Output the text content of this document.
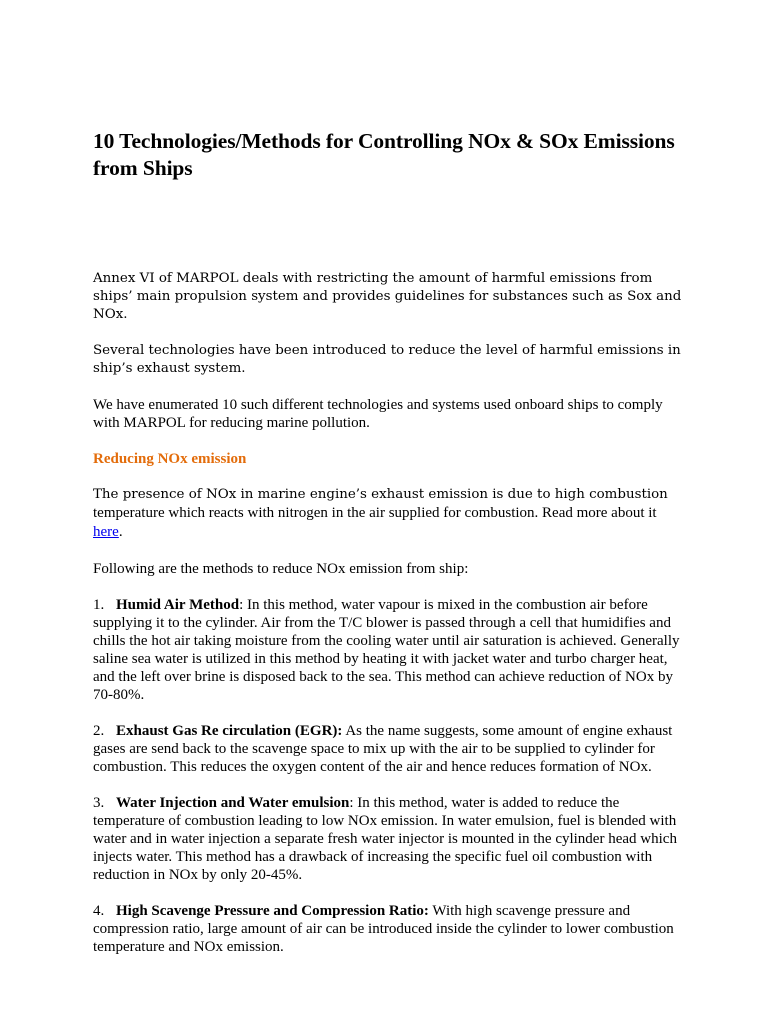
10 Technologies/Methods for Controlling NOx & SOx Emissions from Ships

Annex VI of MARPOL deals with restricting the amount of harmful emissions from ships’ main propulsion system and provides guidelines for substances such as Sox and NOx.

Several technologies have been introduced to reduce the level of harmful emissions in ship’s exhaust system.

We have enumerated 10 such different technologies and systems used onboard ships to comply with MARPOL for reducing marine pollution.

Reducing NOx emission

The presence of NOx in marine engine’s exhaust emission is due to high combustion temperature which reacts with nitrogen in the air supplied for combustion. Read more about it here.

Following are the methods to reduce NOx emission from ship:

1. Humid Air Method: In this method, water vapour is mixed in the combustion air before supplying it to the cylinder. Air from the T/C blower is passed through a cell that humidifies and chills the hot air taking moisture from the cooling water until air saturation is achieved. Generally saline sea water is utilized in this method by heating it with jacket water and turbo charger heat, and the left over brine is disposed back to the sea. This method can achieve reduction of NOx by 70-80%.
2. Exhaust Gas Re circulation (EGR): As the name suggests, some amount of engine exhaust gases are send back to the scavenge space to mix up with the air to be supplied to cylinder for combustion. This reduces the oxygen content of the air and hence reduces formation of NOx.
3. Water Injection and Water emulsion: In this method, water is added to reduce the temperature of combustion leading to low NOx emission. In water emulsion, fuel is blended with water and in water injection a separate fresh water injector is mounted in the cylinder head which injects water. This method has a drawback of increasing the specific fuel oil combustion with reduction in NOx by only 20-45%.
4. High Scavenge Pressure and Compression Ratio: With high scavenge pressure and compression ratio, large amount of air can be introduced inside the cylinder to lower combustion temperature and NOx emission.
